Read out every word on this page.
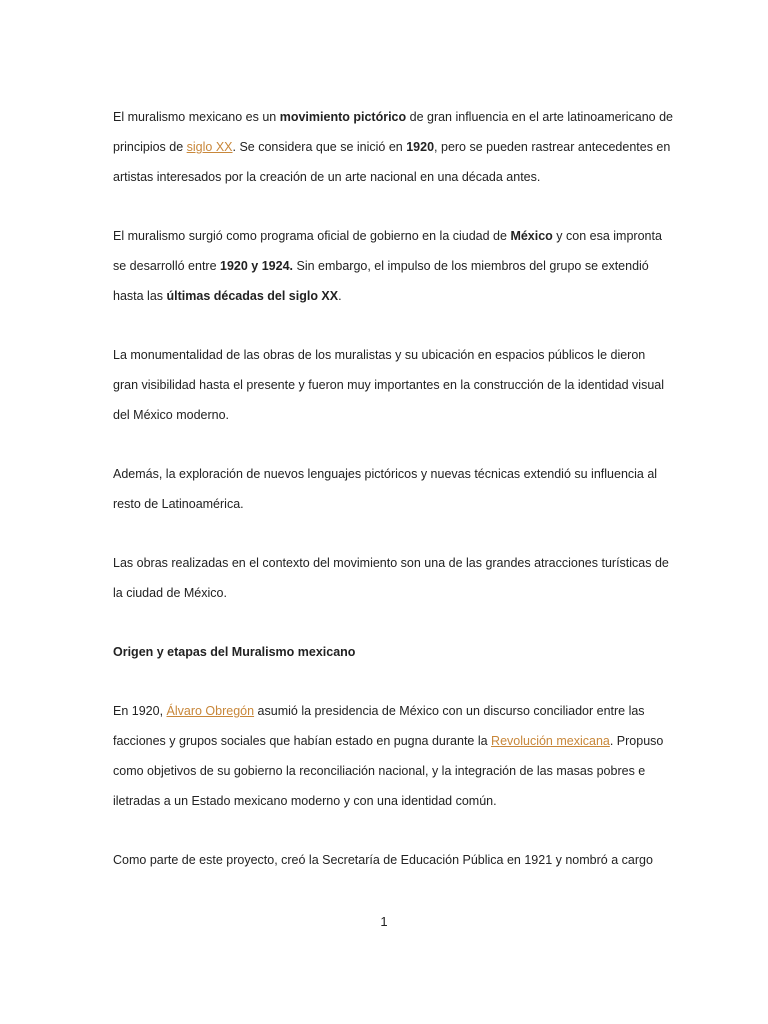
El muralismo mexicano es un movimiento pictórico de gran influencia en el arte latinoamericano de principios de siglo XX. Se considera que se inició en 1920, pero se pueden rastrear antecedentes en artistas interesados por la creación de un arte nacional en una década antes.

El muralismo surgió como programa oficial de gobierno en la ciudad de México y con esa impronta se desarrolló entre 1920 y 1924. Sin embargo, el impulso de los miembros del grupo se extendió hasta las últimas décadas del siglo XX.

La monumentalidad de las obras de los muralistas y su ubicación en espacios públicos le dieron gran visibilidad hasta el presente y fueron muy importantes en la construcción de la identidad visual del México moderno.

Además, la exploración de nuevos lenguajes pictóricos y nuevas técnicas extendió su influencia al resto de Latinoamérica.

Las obras realizadas en el contexto del movimiento son una de las grandes atracciones turísticas de la ciudad de México.

Origen y etapas del Muralismo mexicano

En 1920, Álvaro Obregón asumió la presidencia de México con un discurso conciliador entre las facciones y grupos sociales que habían estado en pugna durante la Revolución mexicana. Propuso como objetivos de su gobierno la reconciliación nacional, y la integración de las masas pobres e iletradas a un Estado mexicano moderno y con una identidad común.

Como parte de este proyecto, creó la Secretaría de Educación Pública en 1921 y nombró a cargo

1
